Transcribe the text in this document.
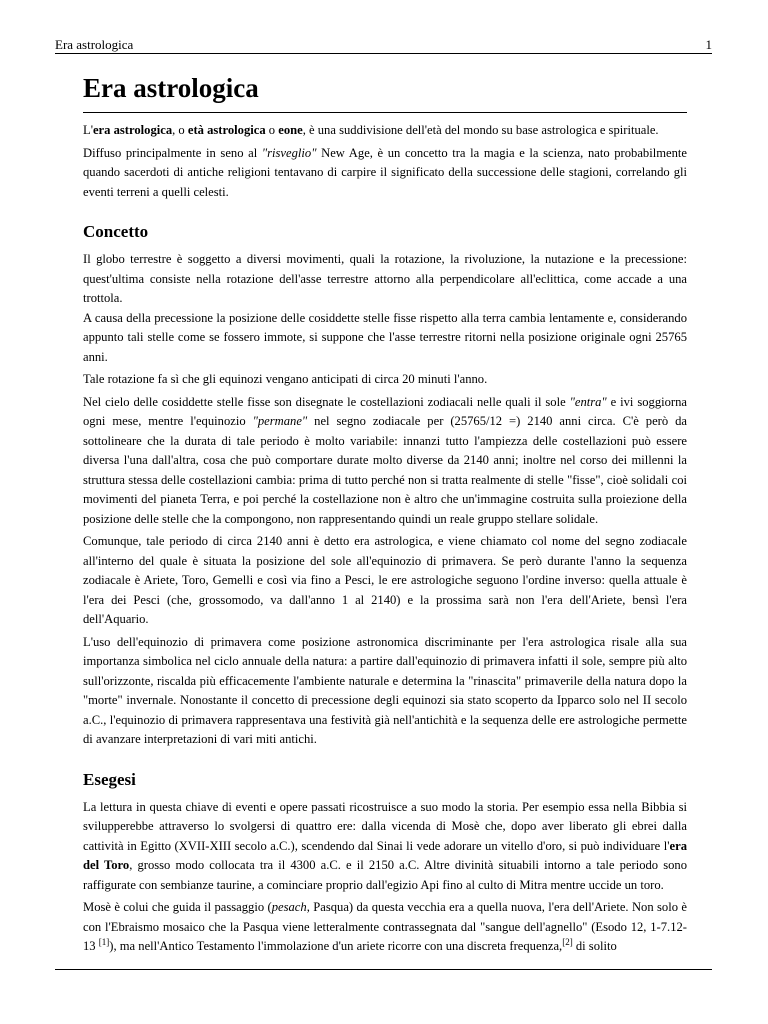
Era astrologica	1
Era astrologica

L'era astrologica, o età astrologica o eone, è una suddivisione dell'età del mondo su base astrologica e spirituale.

Diffuso principalmente in seno al "risveglio" New Age, è un concetto tra la magia e la scienza, nato probabilmente quando sacerdoti di antiche religioni tentavano di carpire il significato della successione delle stagioni, correlando gli eventi terreni a quelli celesti.

Concetto

Il globo terrestre è soggetto a diversi movimenti, quali la rotazione, la rivoluzione, la nutazione e la precessione: quest'ultima consiste nella rotazione dell'asse terrestre attorno alla perpendicolare all'eclittica, come accade a una trottola.
A causa della precessione la posizione delle cosiddette stelle fisse rispetto alla terra cambia lentamente e, considerando appunto tali stelle come se fossero immote, si suppone che l'asse terrestre ritorni nella posizione originale ogni 25765 anni.

Tale rotazione fa sì che gli equinozi vengano anticipati di circa 20 minuti l'anno.

Nel cielo delle cosiddette stelle fisse son disegnate le costellazioni zodiacali nelle quali il sole "entra" e ivi soggiorna ogni mese, mentre l'equinozio "permane" nel segno zodiacale per (25765/12 =) 2140 anni circa. C'è però da sottolineare che la durata di tale periodo è molto variabile: innanzi tutto l'ampiezza delle costellazioni può essere diversa l'una dall'altra, cosa che può comportare durate molto diverse da 2140 anni; inoltre nel corso dei millenni la struttura stessa delle costellazioni cambia: prima di tutto perché non si tratta realmente di stelle "fisse", cioè solidali coi movimenti del pianeta Terra, e poi perché la costellazione non è altro che un'immagine costruita sulla proiezione della posizione delle stelle che la compongono, non rappresentando quindi un reale gruppo stellare solidale.

Comunque, tale periodo di circa 2140 anni è detto era astrologica, e viene chiamato col nome del segno zodiacale all'interno del quale è situata la posizione del sole all'equinozio di primavera. Se però durante l'anno la sequenza zodiacale è Ariete, Toro, Gemelli e così via fino a Pesci, le ere astrologiche seguono l'ordine inverso: quella attuale è l'era dei Pesci (che, grossomodo, va dall'anno 1 al 2140) e la prossima sarà non l'era dell'Ariete, bensì l'era dell'Aquario.

L'uso dell'equinozio di primavera come posizione astronomica discriminante per l'era astrologica risale alla sua importanza simbolica nel ciclo annuale della natura: a partire dall'equinozio di primavera infatti il sole, sempre più alto sull'orizzonte, riscalda più efficacemente l'ambiente naturale e determina la "rinascita" primaverile della natura dopo la "morte" invernale. Nonostante il concetto di precessione degli equinozi sia stato scoperto da Ipparco solo nel II secolo a.C., l'equinozio di primavera rappresentava una festività già nell'antichità e la sequenza delle ere astrologiche permette di avanzare interpretazioni di vari miti antichi.

Esegesi

La lettura in questa chiave di eventi e opere passati ricostruisce a suo modo la storia. Per esempio essa nella Bibbia si svilupperebbe attraverso lo svolgersi di quattro ere: dalla vicenda di Mosè che, dopo aver liberato gli ebrei dalla cattività in Egitto (XVII-XIII secolo a.C.), scendendo dal Sinai li vede adorare un vitello d'oro, si può individuare l'era del Toro, grosso modo collocata tra il 4300 a.C. e il 2150 a.C. Altre divinità situabili intorno a tale periodo sono raffigurate con sembianze taurine, a cominciare proprio dall'egizio Api fino al culto di Mitra mentre uccide un toro.

Mosè è colui che guida il passaggio (pesach, Pasqua) da questa vecchia era a quella nuova, l'era dell'Ariete. Non solo è con l'Ebraismo mosaico che la Pasqua viene letteralmente contrassegnata dal "sangue dell'agnello" (Esodo 12, 1-7.12-13 [1]), ma nell'Antico Testamento l'immolazione d'un ariete ricorre con una discreta frequenza,[2] di solito
